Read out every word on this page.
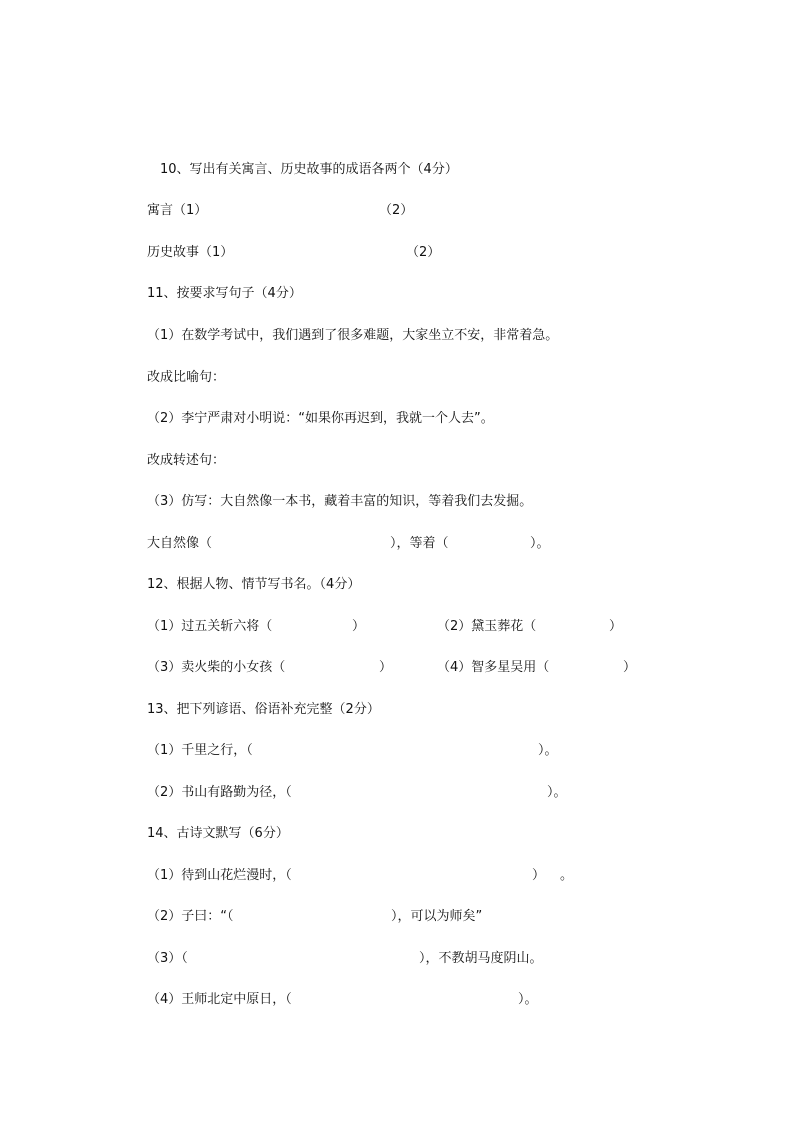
10、写出有关寓言、历史故事的成语各两个（4分）
寓言（1）	（2）
历史故事（1）	（2）
11、按要求写句子（4分）
（1）在数学考试中，我们遇到了很多难题，大家坐立不安，非常着急。
改成比喻句：
（2）李宁严肃对小明说：“如果你再迟到，我就一个人去”。
改成转述句：
（3）仿写：大自然像一本书，藏着丰富的知识，等着我们去发掘。
大自然像（	），等着（	）。
12、根据人物、情节写书名。（4分）
（1）过五关斩六将（	）	（2）黛玉葬花（	）
（3）卖火柴的小女孩（	）	（4）智多星吴用（	）
13、把下列谚语、俗语补充完整（2分）
（1）千里之行，（	）。
（2）书山有路勤为径，（	）。
14、古诗文默写（6分）
（1）待到山花烂漫时，（	） 。
（2）子曰：“（	），可以为师矣”
（3）（	），不教胡马度阴山。
（4）王师北定中原日，（	）。
